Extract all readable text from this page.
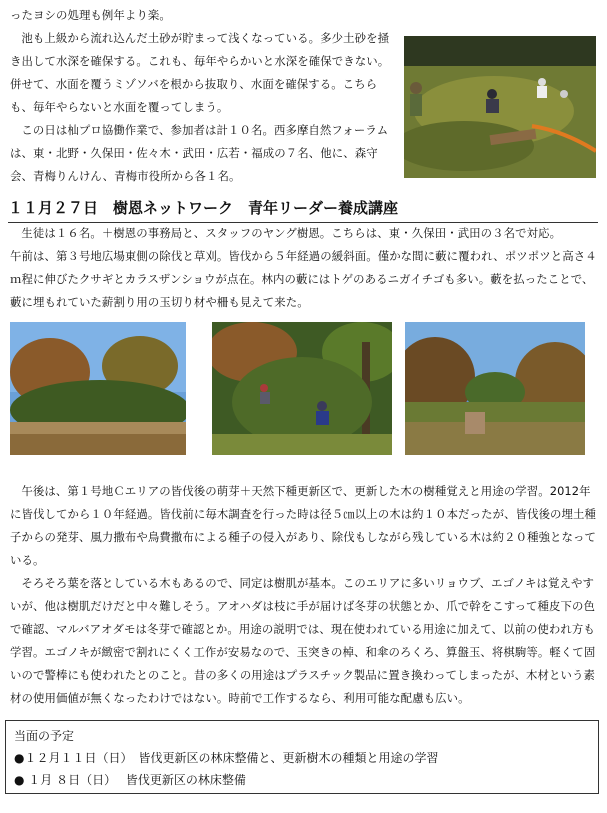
ったヨシの処理も例年より楽。

池も上級から流れ込んだ土砂が貯まって浅くなっている。多少土砂を掻き出して水深を確保する。これも、毎年やらかいと水深を確保できない。併せて、水面を覆うミゾソバを根から抜取り、水面を確保する。こちらも、毎年やらないと水面を覆ってしまう。

この日は杣プロ協働作業で、参加者は計１０名。西多摩自然フォーラムは、東・北野・久保田・佐々木・武田・広若・福成の７名、他に、森守会、青梅りんけん、青梅市役所から各１名。

１１月２７日　樹恩ネットワーク　青年リーダー養成講座

生徒は１６名。＋樹恩の事務局と、スタッフのヤング樹恩。こちらは、東・久保田・武田の３名で対応。

午前は、第３号地広場東側の除伐と草刈。皆伐から５年経過の緩斜面。僅かな間に藪に覆われ、ポツポツと高さ４ｍ程に伸びたクサギとカラスザンショウが点在。林内の藪にはトゲのあるニガイチゴも多い。藪を払ったことで、藪に埋もれていた薪割り用の玉切り材や柵も見えて来た。

午後は、第１号地Ｃエリアの皆伐後の萌芽＋天然下種更新区で、更新した木の樹種覚えと用途の学習。2012年に皆伐してから１０年経過。皆伐前に毎木調査を行った時は径５㎝以上の木は約１０本だったが、皆伐後の埋土種子からの発芽、風力撒布や鳥費撒布による種子の侵入があり、除伐もしながら残している木は約２０種強となっている。

そろそろ葉を落としている木もあるので、同定は樹肌が基本。このエリアに多いリョウブ、エゴノキは覚えやすいが、他は樹肌だけだと中々難しそう。アオハダは枝に手が届けば冬芽の状態とか、爪で幹をこすって種皮下の色で確認、マルバアオダモは冬芽で確認とか。用途の説明では、現在使われている用途に加えて、以前の使われ方も学習。エゴノキが緻密で割れにくく工作が安易なので、玉突きの棹、和傘のろくろ、算盤玉、将棋駒等。軽くて固いので警棒にも使われたとのこと。昔の多くの用途はプラスチック製品に置き換わってしまったが、木材という素材の使用価値が無くなったわけではない。時前で工作するなら、利用可能な配慮も広い。

当面の予定
●１２月１１日（日）　皆伐更新区の林床整備と、更新樹木の種類と用途の学習
● １月 ８日（日）　 皆伐更新区の林床整備
